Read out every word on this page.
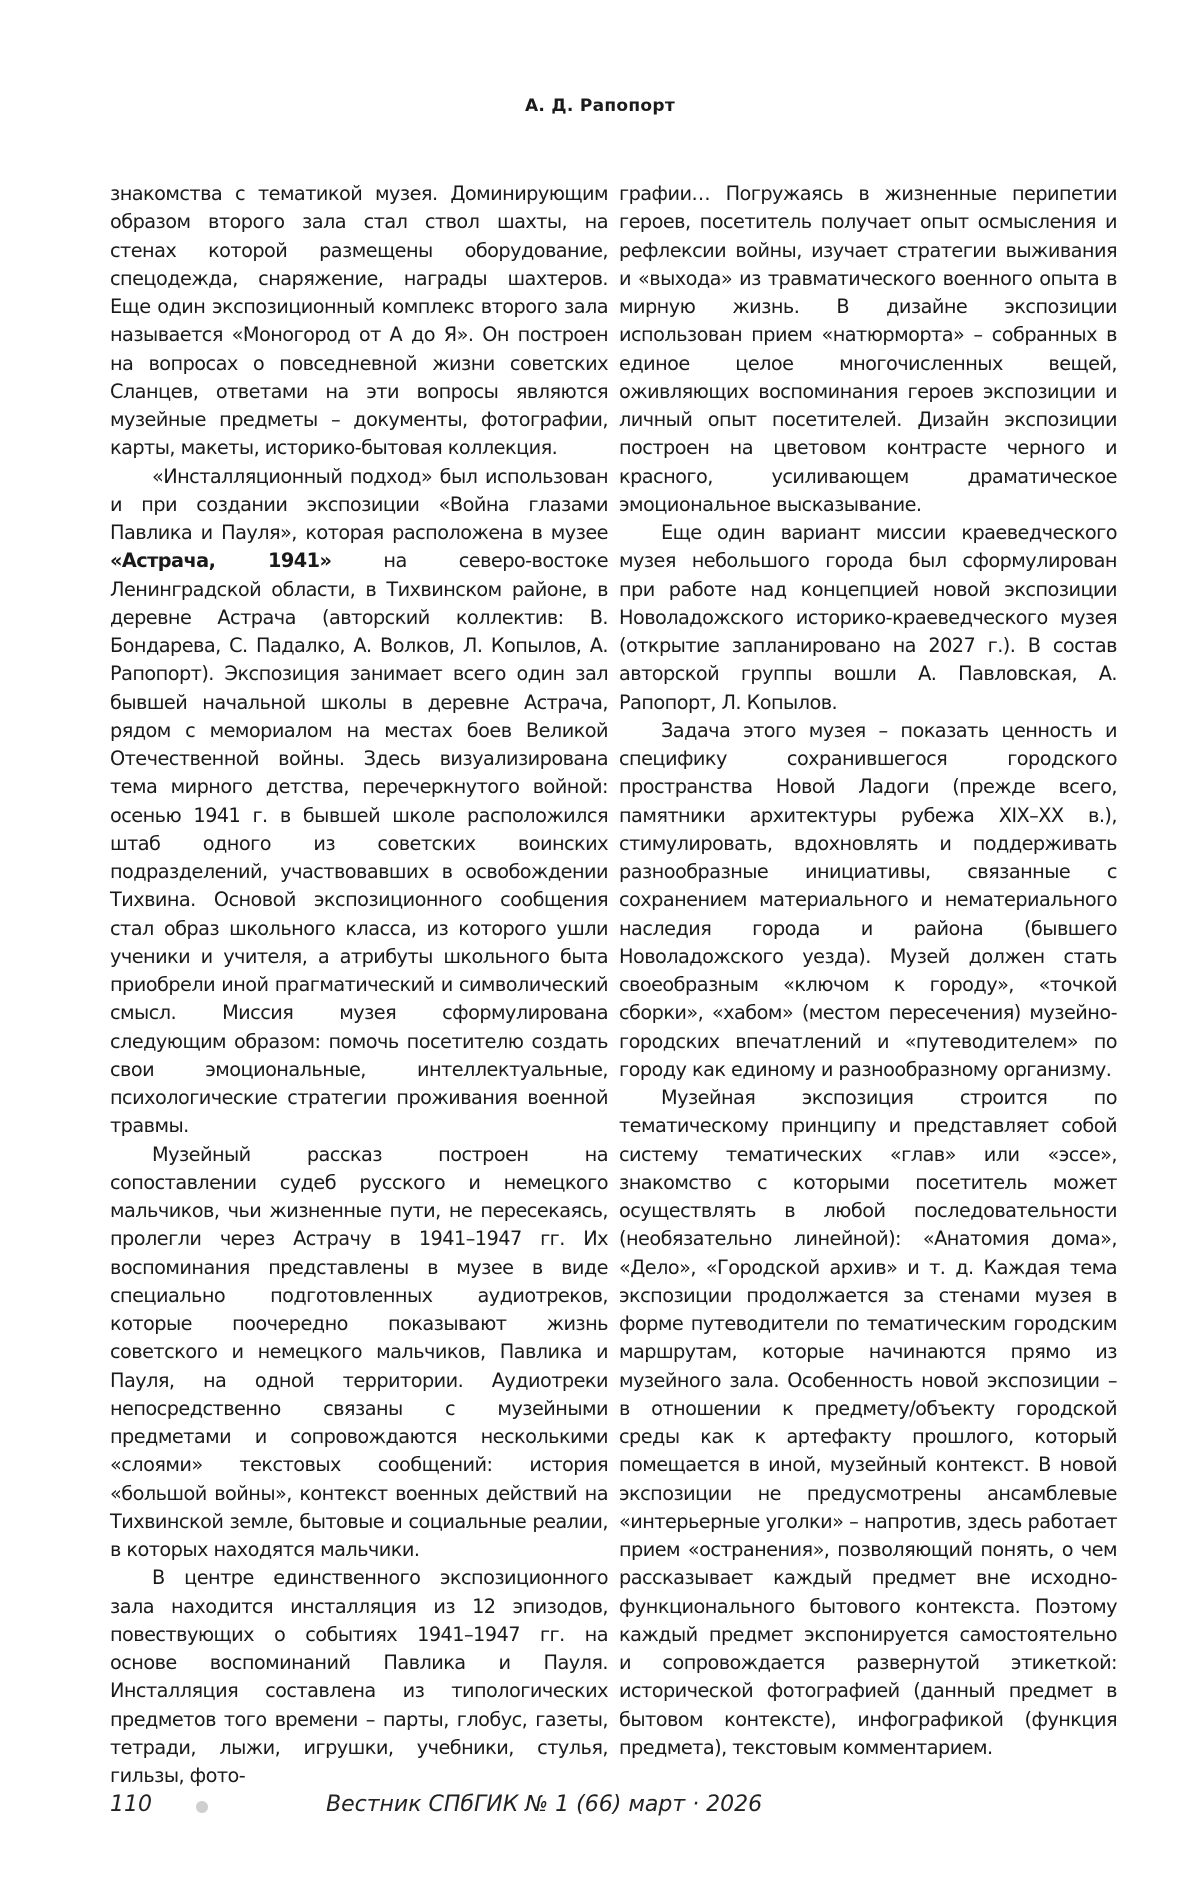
А. Д. Рапопорт

знакомства с тематикой музея. Доминирующим образом второго зала стал ствол шахты, на стенах которой размещены оборудование, спецодежда, снаряжение, награды шахтеров. Еще один экспозиционный комплекс второго зала называется «Моногород от А до Я». Он построен на вопросах о повседневной жизни советских Сланцев, ответами на эти вопросы являются музейные предметы – документы, фотографии, карты, макеты, историко-бытовая коллекция.

«Инсталляционный подход» был использован и при создании экспозиции «Война глазами Павлика и Пауля», которая расположена в музее «Астрача, 1941» на северо-востоке Ленинградской области, в Тихвинском районе, в деревне Астрача (авторский коллектив: В. Бондарева, С. Падалко, А. Волков, Л. Копылов, А. Рапопорт). Экспозиция занимает всего один зал бывшей начальной школы в деревне Астрача, рядом с мемориалом на местах боев Великой Отечественной войны. Здесь визуализирована тема мирного детства, перечеркнутого войной: осенью 1941 г. в бывшей школе расположился штаб одного из советских воинских подразделений, участвовавших в освобождении Тихвина. Основой экспозиционного сообщения стал образ школьного класса, из которого ушли ученики и учителя, а атрибуты школьного быта приобрели иной прагматический и символический смысл. Миссия музея сформулирована следующим образом: помочь посетителю создать свои эмоциональные, интеллектуальные, психологические стратегии проживания военной травмы.

Музейный рассказ построен на сопоставлении судеб русского и немецкого мальчиков, чьи жизненные пути, не пересекаясь, пролегли через Астрачу в 1941–1947 гг. Их воспоминания представлены в музее в виде специально подготовленных аудиотреков, которые поочередно показывают жизнь советского и немецкого мальчиков, Павлика и Пауля, на одной территории. Аудиотреки непосредственно связаны с музейными предметами и сопровождаются несколькими «слоями» текстовых сообщений: история «большой войны», контекст военных действий на Тихвинской земле, бытовые и социальные реалии, в которых находятся мальчики.

В центре единственного экспозиционного зала находится инсталляция из 12 эпизодов, повествующих о событиях 1941–1947 гг. на основе воспоминаний Павлика и Пауля. Инсталляция составлена из типологических предметов того времени – парты, глобус, газеты, тетради, лыжи, игрушки, учебники, стулья, гильзы, фото-

графии… Погружаясь в жизненные перипетии героев, посетитель получает опыт осмысления и рефлексии войны, изучает стратегии выживания и «выхода» из травматического военного опыта в мирную жизнь. В дизайне экспозиции использован прием «натюрморта» – собранных в единое целое многочисленных вещей, оживляющих воспоминания героев экспозиции и личный опыт посетителей. Дизайн экспозиции построен на цветовом контрасте черного и красного, усиливающем драматическое эмоциональное высказывание.

Еще один вариант миссии краеведческого музея небольшого города был сформулирован при работе над концепцией новой экспозиции Новоладожского историко-краеведческого музея (открытие запланировано на 2027 г.). В состав авторской группы вошли А. Павловская, А. Рапопорт, Л. Копылов.

Задача этого музея – показать ценность и специфику сохранившегося городского пространства Новой Ладоги (прежде всего, памятники архитектуры рубежа XIX–XX в.), стимулировать, вдохновлять и поддерживать разнообразные инициативы, связанные с сохранением материального и нематериального наследия города и района (бывшего Новоладожского уезда). Музей должен стать своеобразным «ключом к городу», «точкой сборки», «хабом» (местом пересечения) музейно-городских впечатлений и «путеводителем» по городу как единому и разнообразному организму.

Музейная экспозиция строится по тематическому принципу и представляет собой систему тематических «глав» или «эссе», знакомство с которыми посетитель может осуществлять в любой последовательности (необязательно линейной): «Анатомия дома», «Дело», «Городской архив» и т. д. Каждая тема экспозиции продолжается за стенами музея в форме путеводители по тематическим городским маршрутам, которые начинаются прямо из музейного зала. Особенность новой экспозиции – в отношении к предмету/объекту городской среды как к артефакту прошлого, который помещается в иной, музейный контекст. В новой экспозиции не предусмотрены ансамблевые «интерьерные уголки» – напротив, здесь работает прием «остранения», позволяющий понять, о чем рассказывает каждый предмет вне исходно-функционального бытового контекста. Поэтому каждый предмет экспонируется самостоятельно и сопровождается развернутой этикеткой: исторической фотографией (данный предмет в бытовом контексте), инфографикой (функция предмета), текстовым комментарием.

110	Вестник СПбГИК № 1 (66) март · 2026
